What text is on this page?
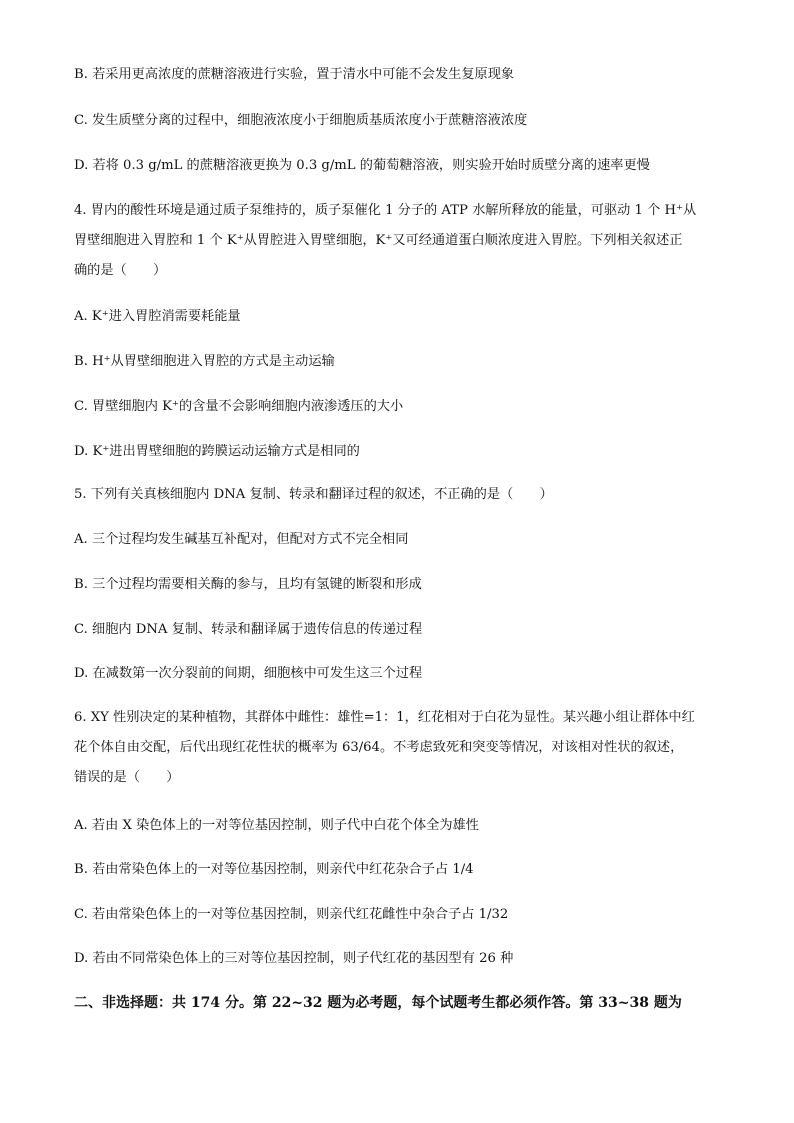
B. 若采用更高浓度的蔗糖溶液进行实验，置于清水中可能不会发生复原现象
C. 发生质壁分离的过程中，细胞液浓度小于细胞质基质浓度小于蔗糖溶液浓度
D. 若将 0.3 g/mL 的蔗糖溶液更换为 0.3 g/mL 的葡萄糖溶液，则实验开始时质壁分离的速率更慢
4. 胃内的酸性环境是通过质子泵维持的，质子泵催化 1 分子的 ATP 水解所释放的能量，可驱动 1 个 H⁺从
胃壁细胞进入胃腔和 1 个 K⁺从胃腔进入胃壁细胞，K⁺又可经通道蛋白顺浓度进入胃腔。下列相关叙述正
确的是（　　）
A. K⁺进入胃腔消需要耗能量
B. H⁺从胃壁细胞进入胃腔的方式是主动运输
C. 胃壁细胞内 K⁺的含量不会影响细胞内液渗透压的大小
D. K⁺进出胃壁细胞的跨膜运动运输方式是相同的
5. 下列有关真核细胞内 DNA 复制、转录和翻译过程的叙述，不正确的是（　　）
A. 三个过程均发生碱基互补配对，但配对方式不完全相同
B. 三个过程均需要相关酶的参与，且均有氢键的断裂和形成
C. 细胞内 DNA 复制、转录和翻译属于遗传信息的传递过程
D. 在减数第一次分裂前的间期，细胞核中可发生这三个过程
6. XY 性别决定的某种植物，其群体中雌性：雄性=1：1，红花相对于白花为显性。某兴趣小组让群体中红
花个体自由交配，后代出现红花性状的概率为 63/64。不考虑致死和突变等情况，对该相对性状的叙述，
错误的是（　　）
A. 若由 X 染色体上的一对等位基因控制，则子代中白花个体全为雄性
B. 若由常染色体上的一对等位基因控制，则亲代中红花杂合子占 1/4
C. 若由常染色体上的一对等位基因控制，则亲代红花雌性中杂合子占 1/32
D. 若由不同常染色体上的三对等位基因控制，则子代红花的基因型有 26 种
二、非选择题：共 174 分。第 22~32 题为必考题，每个试题考生都必须作答。第 33~38 题为
